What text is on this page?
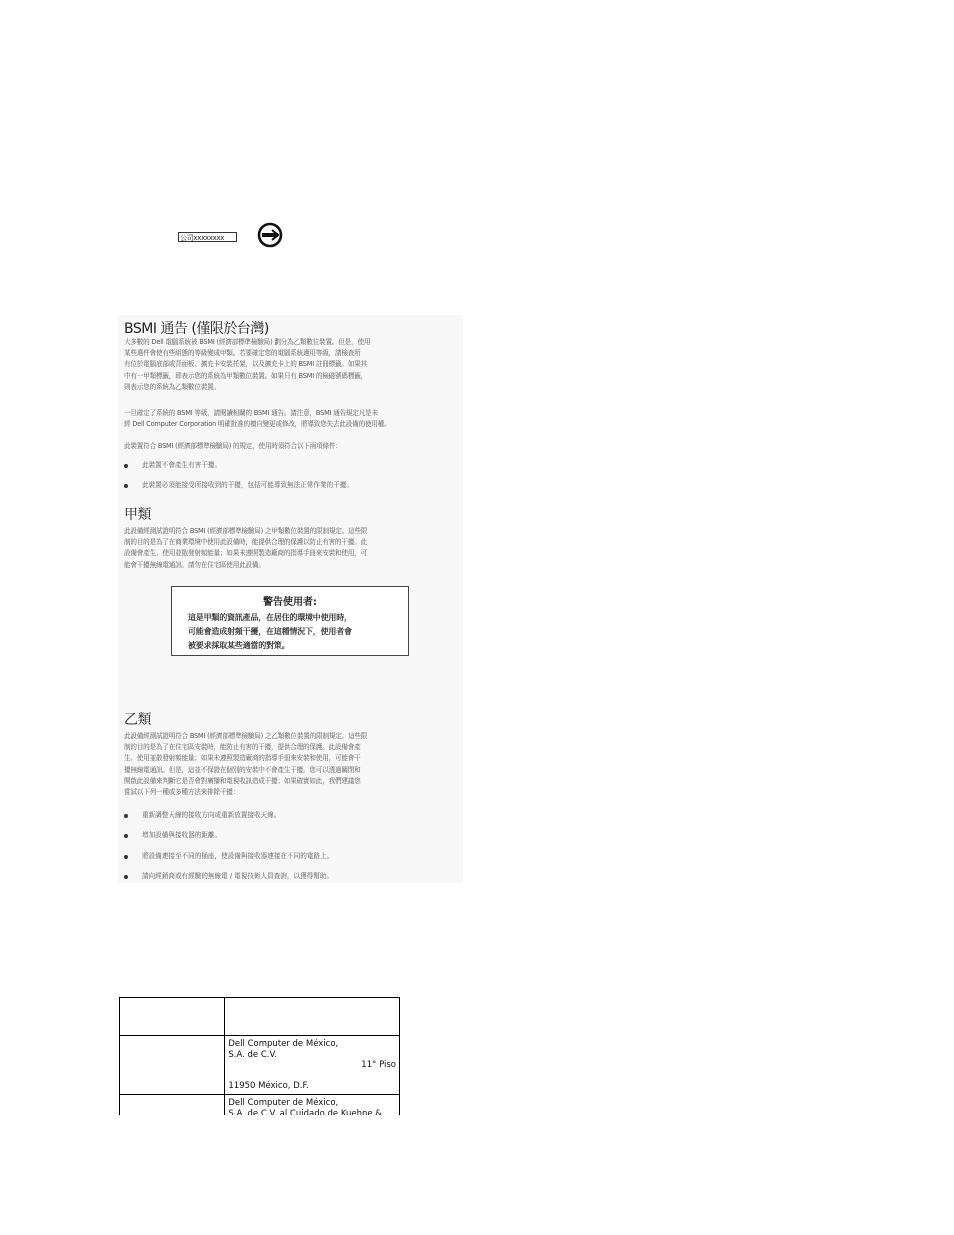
公司xxxxxxxx
BSMI 通告 (僅限於台灣)
大多數的 Dell 電腦系統被 BSMI (經濟部標準檢驗局) 劃分為乙類數位裝置。但是，使用
某些選件會使有些組態的等級變成甲類。若要確定您的電腦系統適用等級，請檢查所
有位於電腦底部或背面板、擴充卡安裝托架，以及擴充卡上的 BSMI 註冊標籤。如果其
中有一甲類標籤，即表示您的系統為甲類數位裝置。如果只有 BSMI 的檢磁號碼標籤，
則表示您的系統為乙類數位裝置。
一旦確定了系統的 BSMI 等級，請閱讀相關的 BSMI 通告。請注意，BSMI 通告規定凡是未
經 Dell Computer Corporation 明確批准的擅自變更或修改，將導致您失去此設備的使用權。
此裝置符合 BSMI (經濟部標準檢驗局) 的規定，使用時須符合以下兩項條件：
此裝置不會產生有害干擾。
此裝置必須能接受所接收到的干擾，包括可能導致無法正常作業的干擾。
甲類
此設備經測試證明符合 BSMI (經濟部標準檢驗局) 之甲類數位裝置的限制規定。這些限
制的目的是為了在商業環境中使用此設備時，能提供合理的保護以防止有害的干擾。此
設備會產生、使用並散發射頻能量；如果未遵照製造廠商的指導手冊來安裝和使用，可
能會干擾無線電通訊。請勿在住宅區使用此設備。
警告使用者:
這是甲類的資訊產品，在居住的環境中使用時，
可能會造成射頻干擾，在這種情況下，使用者會
被要求採取某些適當的對策。
乙類
此設備經測試證明符合 BSMI (經濟部標準檢驗局) 之乙類數位裝置的限制規定。這些限
制的目的是為了在住宅區安裝時，能防止有害的干擾，提供合理的保護。此設備會產
生、使用並散發射頻能量；如果未遵照製造廠商的指導手冊來安裝和使用，可能會干
擾無線電通訊。但是，這並不保證在個別的安裝中不會產生干擾。您可以透過關閉和
開啟此設備來判斷它是否會對廣播和電視收訊造成干擾；如果確實如此，我們建議您
嘗試以下列一種或多種方法來排除干擾：
重新調整天線的接收方向或重新放置接收天線。
增加設備與接收器的距離。
將設備連接至不同的插座，使設備與接收器連接在不同的電路上。
請向經銷商或有經驗的無線電 / 電視技術人員查詢，以獲得幫助。

	Dell Computer de México,
S.A. de C.V.
11° Piso
11950 México, D.F.

	Dell Computer de México,
S.A. de C.V. al Cuidado de Kuehne &
